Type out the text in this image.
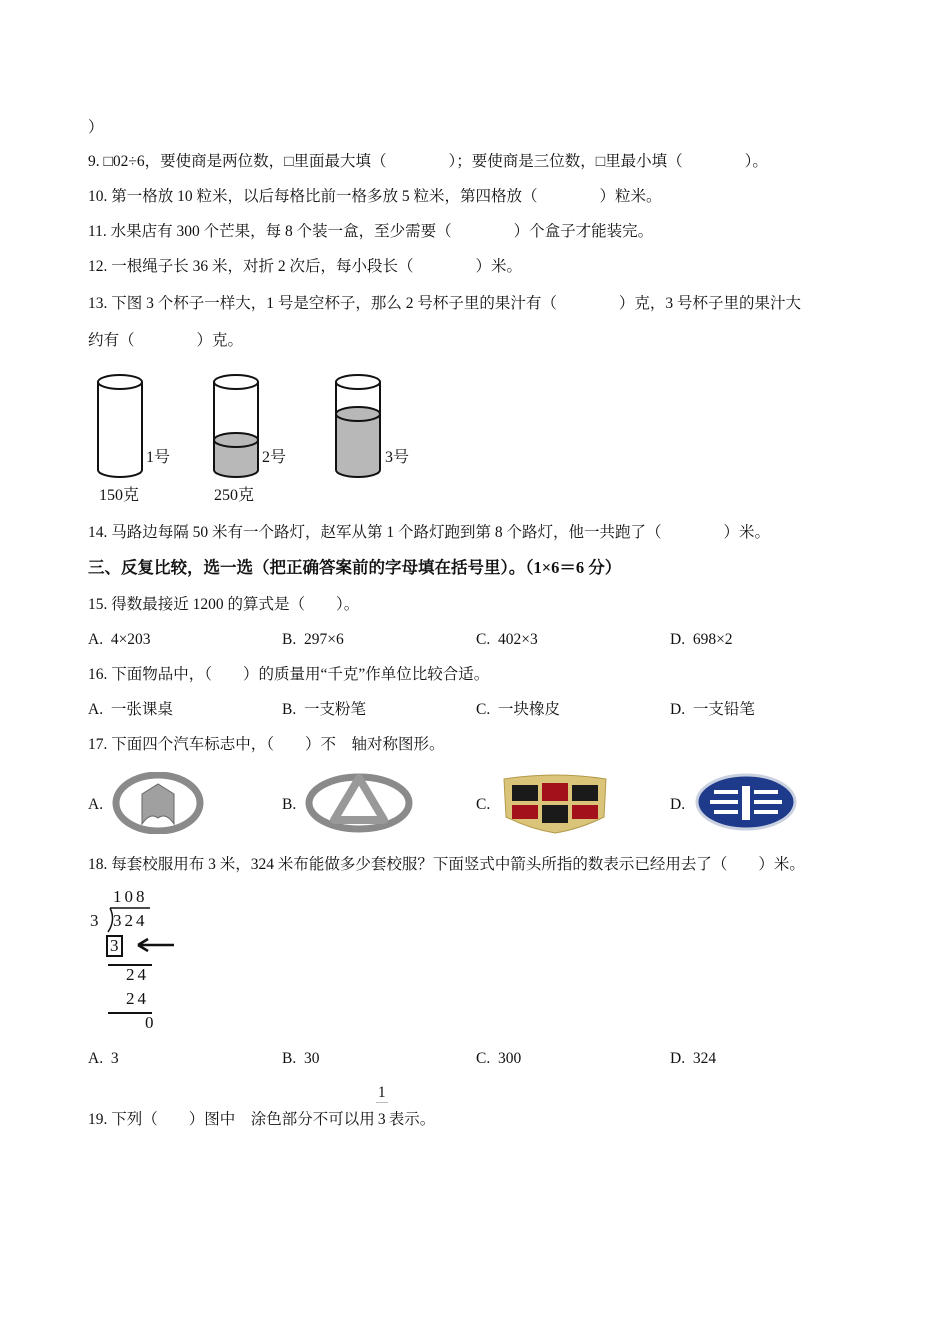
）
9. □02÷6，要使商是两位数，□里面最大填（　　　　）；要使商是三位数，□里最小填（　　　　）。
10. 第一格放 10 粒米，以后每格比前一格多放 5 粒米，第四格放（　　　　）粒米。
11. 水果店有 300 个芒果，每 8 个装一盒，至少需要（　　　　）个盒子才能装完。
12. 一根绳子长 36 米，对折 2 次后，每小段长（　　　　）米。
13. 下图 3 个杯子一样大，1 号是空杯子，那么 2 号杯子里的果汁有（　　　　）克，3 号杯子里的果汁大
约有（　　　　）克。
1号	2号	3号
150克	250克
14. 马路边每隔 50 米有一个路灯，赵军从第 1 个路灯跑到第 8 个路灯，他一共跑了（　　　　）米。
三、反复比较，选一选（把正确答案前的字母填在括号里）。（1×6＝6 分）
15. 得数最接近 1200 的算式是（　　）。
A.  4×203	B.  297×6	C.  402×3	D.  698×2
16. 下面物品中，（　　）的质量用“千克”作单位比较合适。
A.  一张课桌	B.  一支粉笔	C.  一块橡皮	D.  一支铅笔
17. 下面四个汽车标志中，（　　）不　轴对称图形。
A.	B.	C.	D.
18. 每套校服用布 3 米，324 米布能做多少套校服？下面竖式中箭头所指的数表示已经用去了（　　）米。
108
3 324
3
24
24
0
A.  3	B.  30	C.  300	D.  324
19. 下列（　　）图中　涂色部分不可以用 $\frac{1}{3}$表示。
